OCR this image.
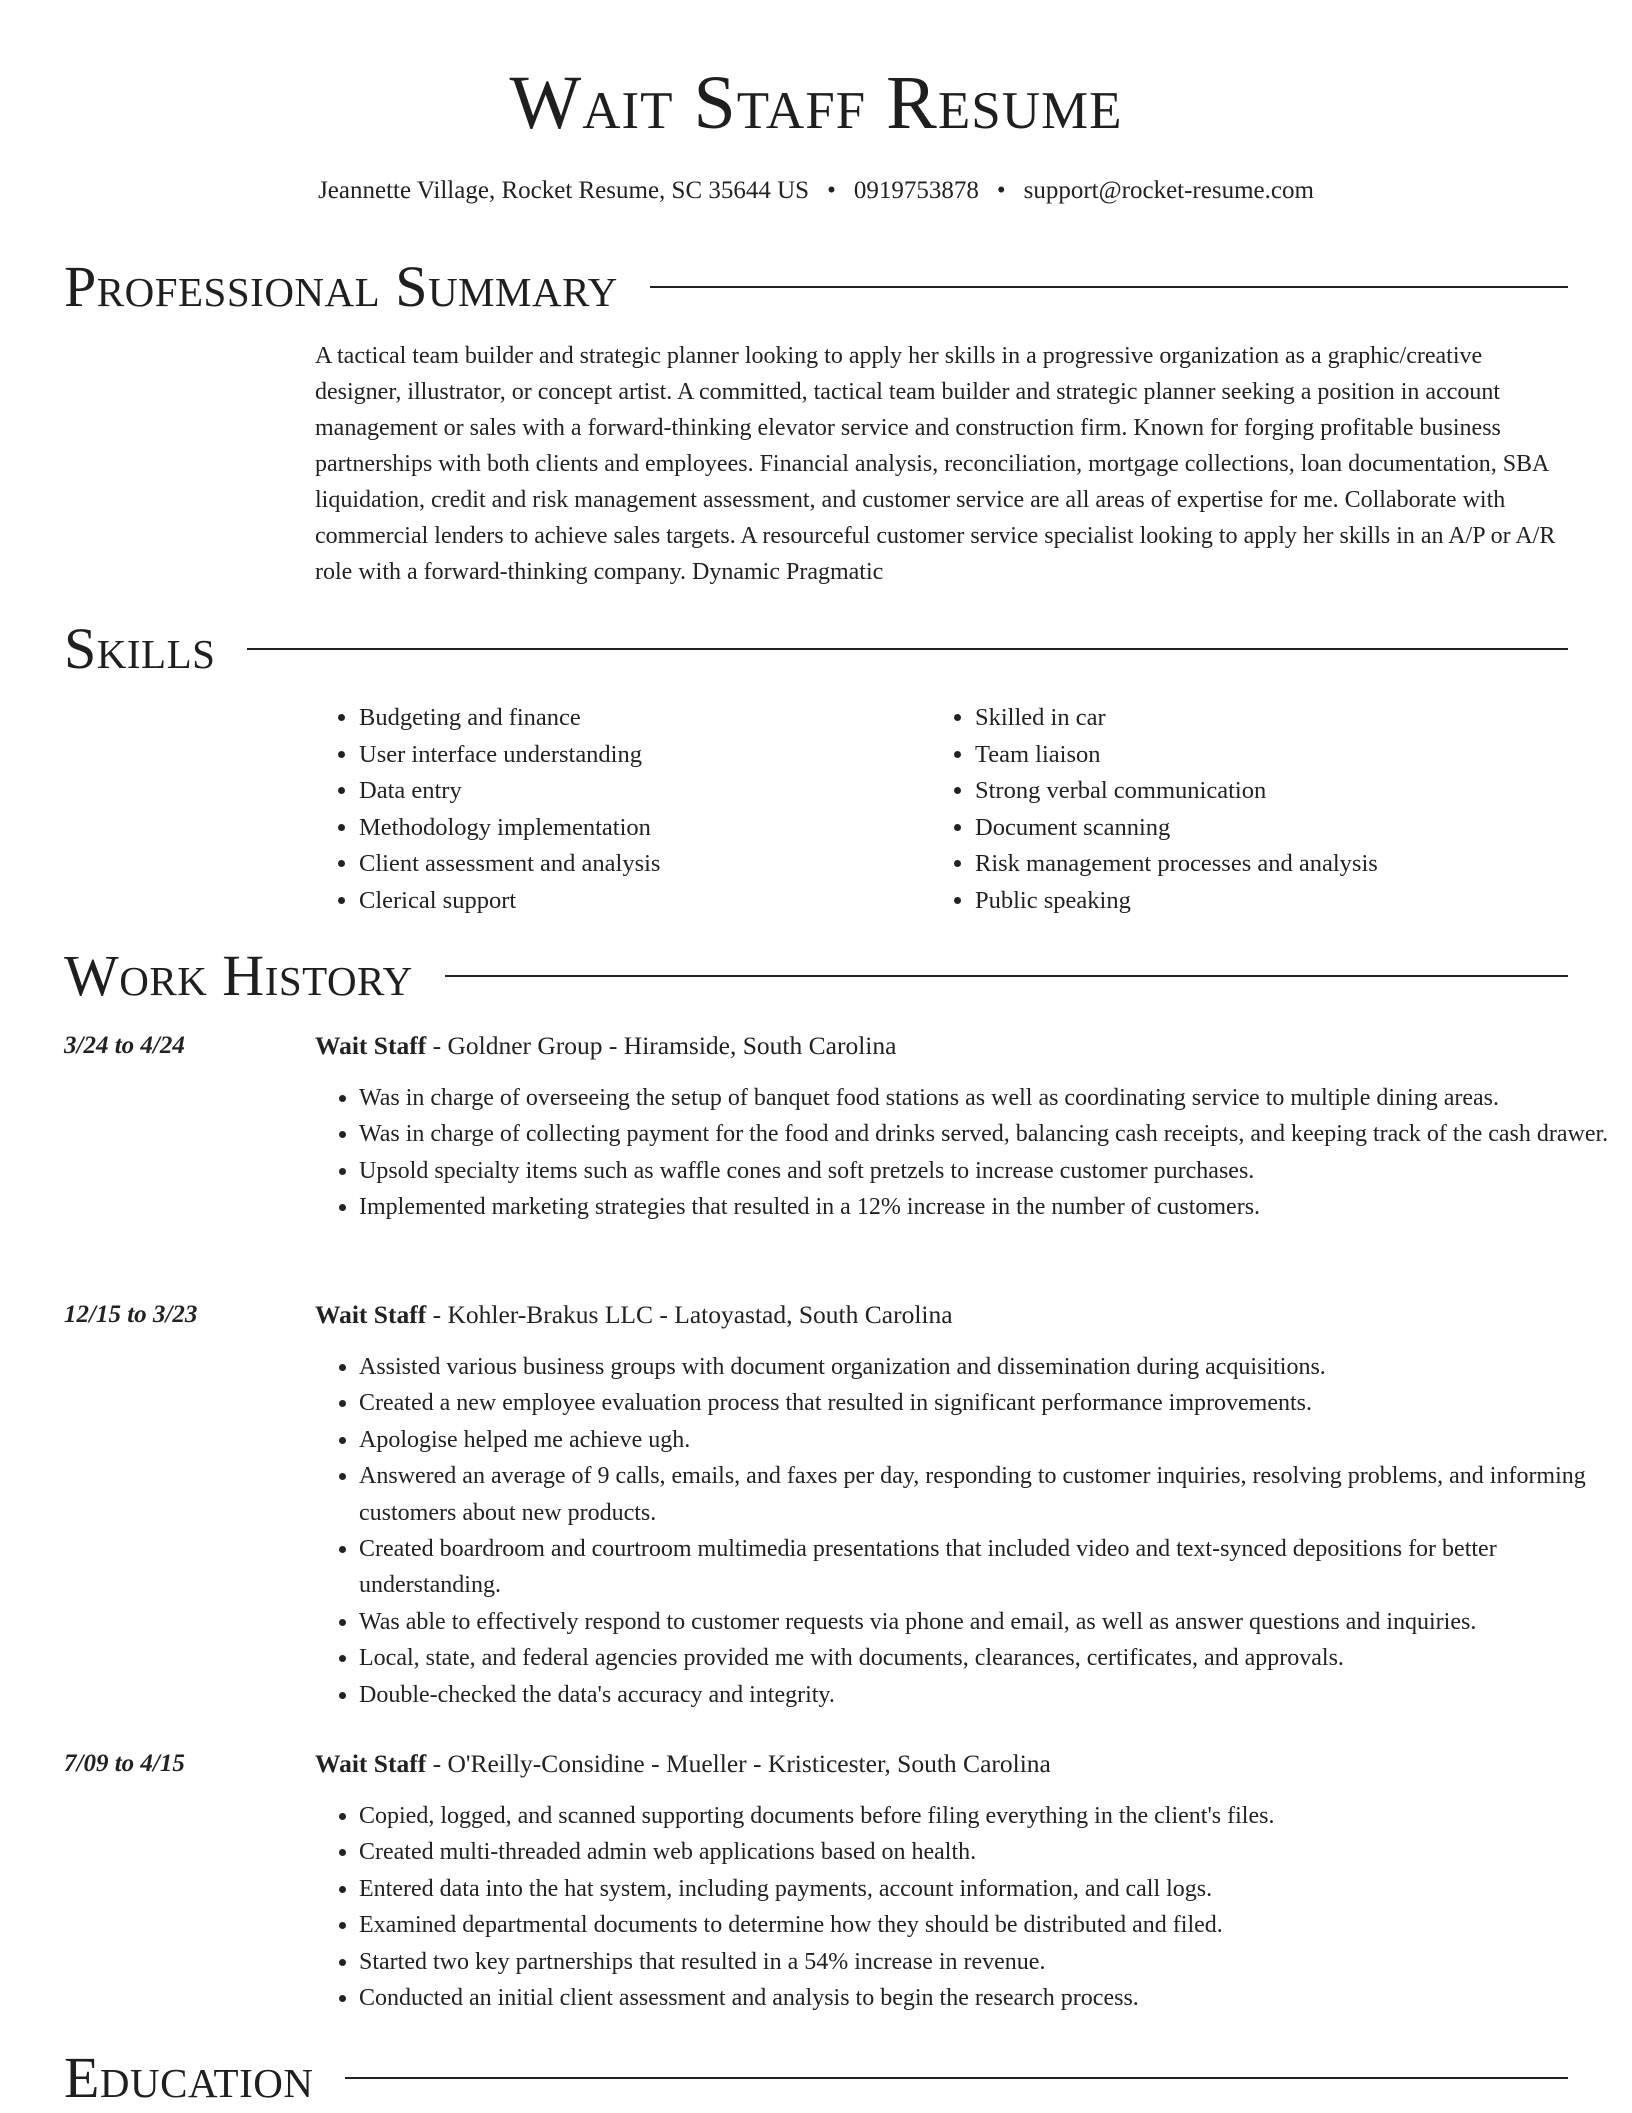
Wait Staff Resume
Jeannette Village, Rocket Resume, SC 35644 US • 0919753878 • support@rocket-resume.com
Professional Summary

A tactical team builder and strategic planner looking to apply her skills in a progressive organization as a graphic/creative designer, illustrator, or concept artist. A committed, tactical team builder and strategic planner seeking a position in account management or sales with a forward-thinking elevator service and construction firm. Known for forging profitable business partnerships with both clients and employees. Financial analysis, reconciliation, mortgage collections, loan documentation, SBA liquidation, credit and risk management assessment, and customer service are all areas of expertise for me. Collaborate with commercial lenders to achieve sales targets. A resourceful customer service specialist looking to apply her skills in an A/P or A/R role with a forward-thinking company. Dynamic Pragmatic

Skills
• Budgeting and finance
• User interface understanding
• Data entry
• Methodology implementation
• Client assessment and analysis
• Clerical support
• Skilled in car
• Team liaison
• Strong verbal communication
• Document scanning
• Risk management processes and analysis
• Public speaking
Work History
3/24 to 4/24	Wait Staff - Goldner Group - Hiramside, South Carolina
• Was in charge of overseeing the setup of banquet food stations as well as coordinating service to multiple dining areas.
• Was in charge of collecting payment for the food and drinks served, balancing cash receipts, and keeping track of the cash drawer.
• Upsold specialty items such as waffle cones and soft pretzels to increase customer purchases.
• Implemented marketing strategies that resulted in a 12% increase in the number of customers.
12/15 to 3/23	Wait Staff - Kohler-Brakus LLC - Latoyastad, South Carolina
• Assisted various business groups with document organization and dissemination during acquisitions.
• Created a new employee evaluation process that resulted in significant performance improvements.
• Apologise helped me achieve ugh.
• Answered an average of 9 calls, emails, and faxes per day, responding to customer inquiries, resolving problems, and informing customers about new products.
• Created boardroom and courtroom multimedia presentations that included video and text-synced depositions for better understanding.
• Was able to effectively respond to customer requests via phone and email, as well as answer questions and inquiries.
• Local, state, and federal agencies provided me with documents, clearances, certificates, and approvals.
• Double-checked the data's accuracy and integrity.
7/09 to 4/15	Wait Staff - O'Reilly-Considine - Mueller - Kristicester, South Carolina
• Copied, logged, and scanned supporting documents before filing everything in the client's files.
• Created multi-threaded admin web applications based on health.
• Entered data into the hat system, including payments, account information, and call logs.
• Examined departmental documents to determine how they should be distributed and filed.
• Started two key partnerships that resulted in a 54% increase in revenue.
• Conducted an initial client assessment and analysis to begin the research process.
Education
